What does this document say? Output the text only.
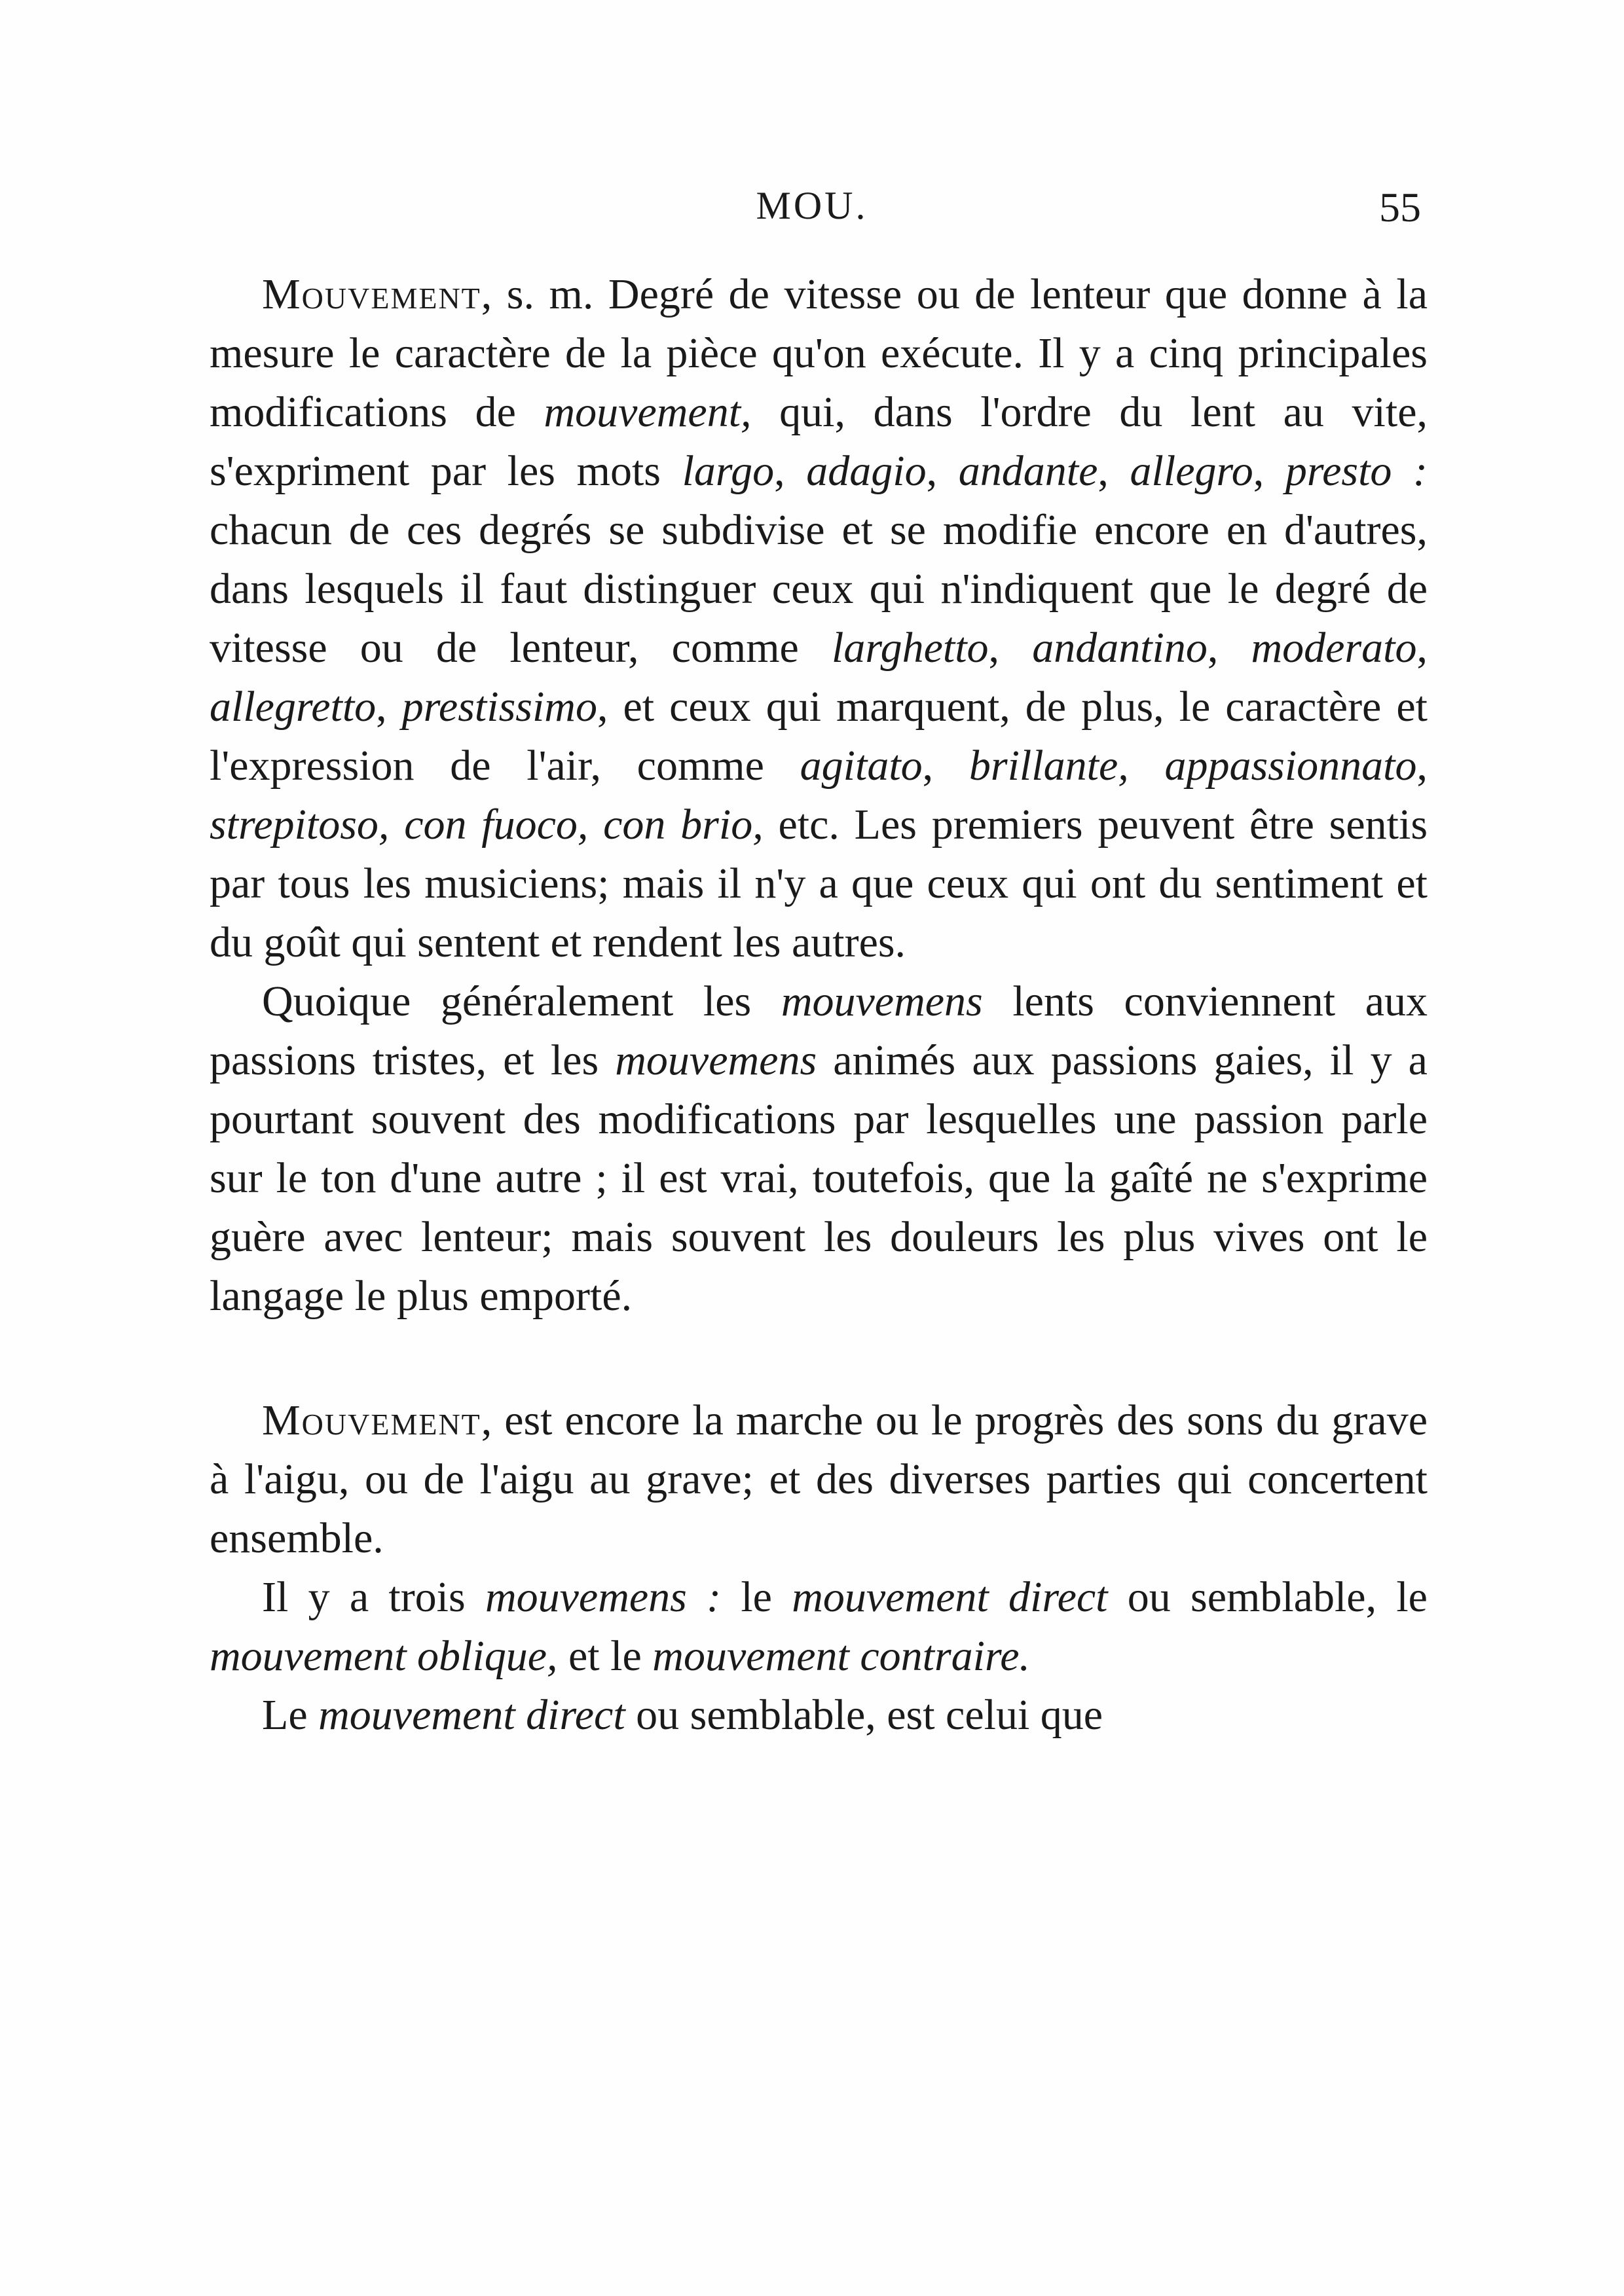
MOU.	55

Mouvement, s. m. Degré de vitesse ou de lenteur que donne à la mesure le caractère de la pièce qu'on exécute. Il y a cinq principales modifications de mouvement, qui, dans l'ordre du lent au vite, s'expriment par les mots largo, adagio, andante, allegro, presto : chacun de ces degrés se subdivise et se modifie encore en d'autres, dans lesquels il faut distinguer ceux qui n'indiquent que le degré de vitesse ou de lenteur, comme larghetto, andantino, moderato, allegretto, prestissimo, et ceux qui marquent, de plus, le caractère et l'expression de l'air, comme agitato, brillante, appassionnato, strepitoso, con fuoco, con brio, etc. Les premiers peuvent être sentis par tous les musiciens; mais il n'y a que ceux qui ont du sentiment et du goût qui sentent et rendent les autres.

Quoique généralement les mouvemens lents conviennent aux passions tristes, et les mouvemens animés aux passions gaies, il y a pourtant souvent des modifications par lesquelles une passion parle sur le ton d'une autre ; il est vrai, toutefois, que la gaîté ne s'exprime guère avec lenteur; mais souvent les douleurs les plus vives ont le langage le plus emporté.

Mouvement, est encore la marche ou le progrès des sons du grave à l'aigu, ou de l'aigu au grave; et des diverses parties qui concertent ensemble.

Il y a trois mouvemens : le mouvement direct ou semblable, le mouvement oblique, et le mouvement contraire.

Le mouvement direct ou semblable, est celui que
